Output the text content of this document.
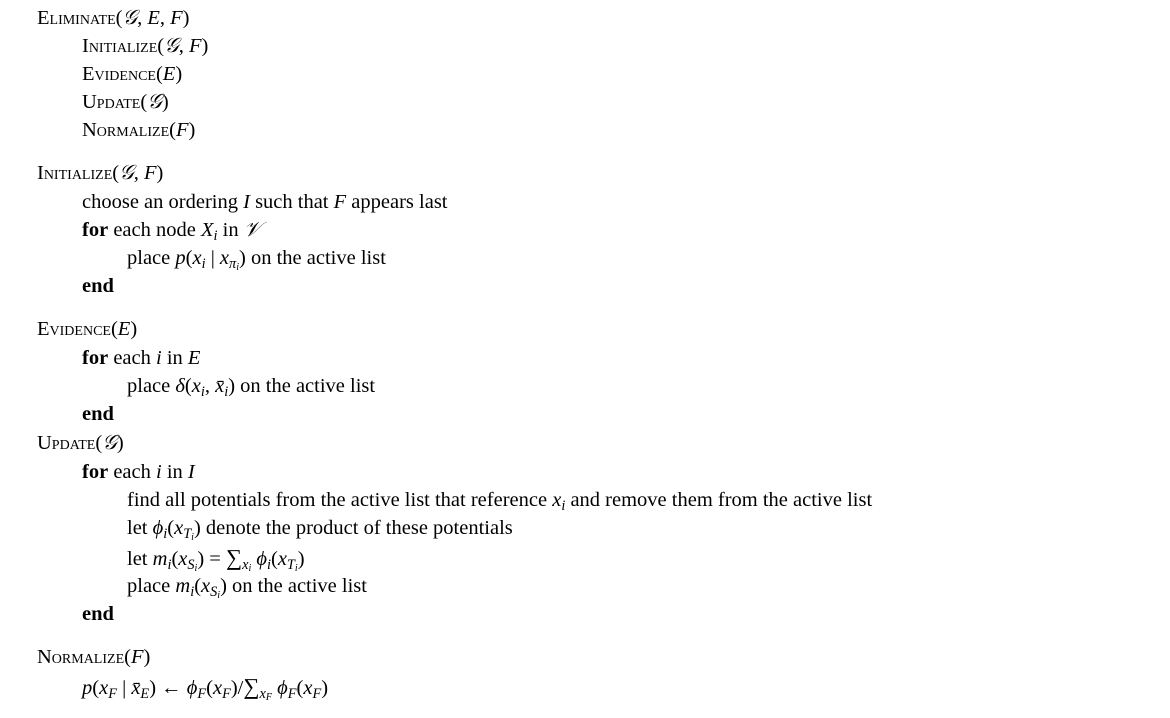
Eliminate(𝒢, E, F)
Initialize(𝒢, F)
Evidence(E)
Update(𝒢)
Normalize(F)
Initialize(𝒢, F)
choose an ordering I such that F appears last
for each node $X_i$ in 𝒱
place $p(x_i$ | $x_{\pi i}$) on the active list
end
Evidence(E)
for each i in E
place $\delta(x_i$, $x̄_i$) on the active list
end
Update(𝒢)
for each i in I
find all potentials from the active list that reference $x_i$ and remove them from the active list
let $\phi_i(x_{Ti})$ denote the product of these potentials
let $m_i(x_{Si}) = \sum_{xi}$ $\phi_i(x_{Ti})$
place $m_i(x_{Si})$ on the active list
end
Normalize(F)
$p(x_F$ | $x̄_E$) ← $\phi_F(x_F)/\sum_{xF}$ $\phi_F(x_F)$
